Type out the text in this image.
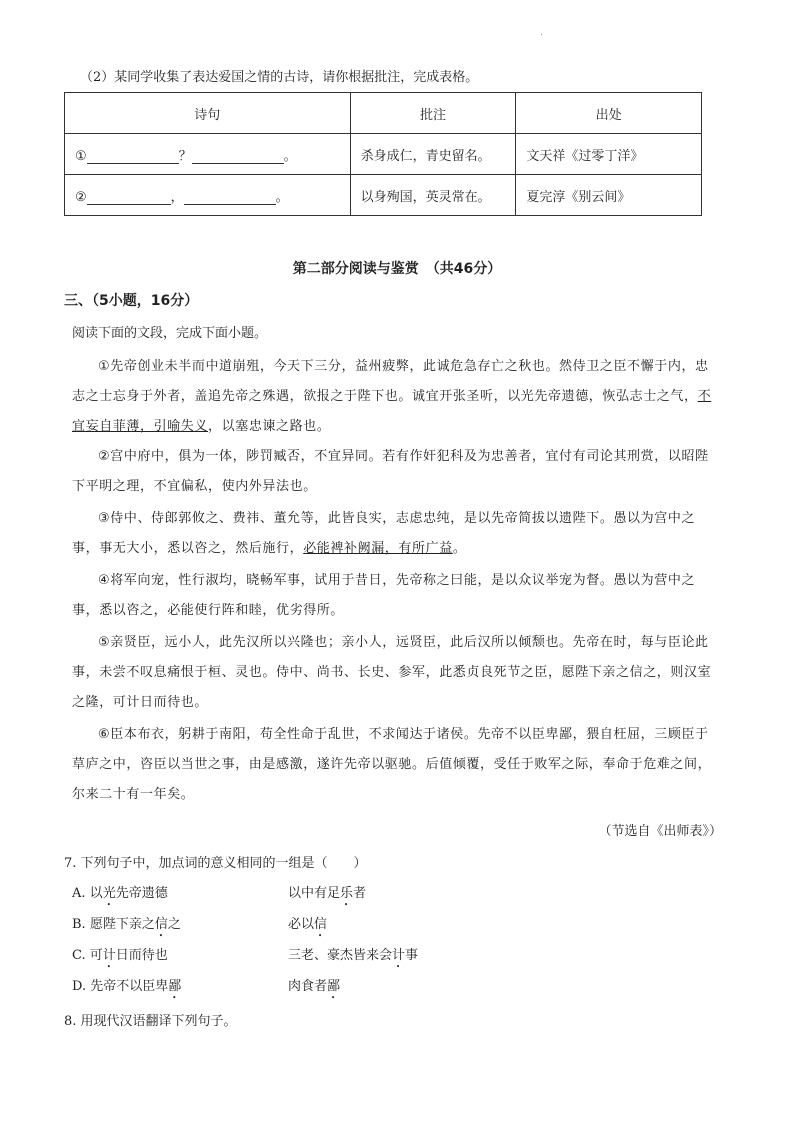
·
（2）某同学收集了表达爱国之情的古诗，请你根据批注，完成表格。
诗句	批注	出处
① ？ 。	杀身成仁，青史留名。	文天祥《过零丁洋》
② ， 。	以身殉国，英灵常在。	夏完淳《别云间》
第二部分阅读与鉴赏　（共46分）
三、（5小题，16分）
阅读下面的文段，完成下面小题。
①先帝创业未半而中道崩殂，今天下三分，益州疲弊，此诚危急存亡之秋也。然侍卫之臣不懈于内，忠志之士忘身于外者，盖追先帝之殊遇，欲报之于陛下也。诚宜开张圣听，以光先帝遗德，恢弘志士之气，不宜妄自菲薄，引喻失义，以塞忠谏之路也。
②宫中府中，俱为一体，陟罚臧否，不宜异同。若有作奸犯科及为忠善者，宜付有司论其刑赏，以昭陛下平明之理，不宜偏私，使内外异法也。
③侍中、侍郎郭攸之、费祎、董允等，此皆良实，志虑忠纯，是以先帝简拔以遗陛下。愚以为宫中之事，事无大小，悉以咨之，然后施行，必能裨补阙漏，有所广益。
④将军向宠，性行淑均，晓畅军事，试用于昔日，先帝称之曰能，是以众议举宠为督。愚以为营中之事，悉以咨之，必能使行阵和睦，优劣得所。
⑤亲贤臣，远小人，此先汉所以兴隆也；亲小人，远贤臣，此后汉所以倾颓也。先帝在时，每与臣论此事，未尝不叹息痛恨于桓、灵也。侍中、尚书、长史、参军，此悉贞良死节之臣，愿陛下亲之信之，则汉室之隆，可计日而待也。
⑥臣本布衣，躬耕于南阳，苟全性命于乱世，不求闻达于诸侯。先帝不以臣卑鄙，猥自枉屈，三顾臣于草庐之中，咨臣以当世之事，由是感激，遂许先帝以驱驰。后值倾覆，受任于败军之际，奉命于危难之间，尔来二十有一年矣。
（节选自《出师表》）
7. 下列句子中，加点词的意义相同的一组是（　　）
A. 以光先帝遗德	以中有足乐者
B. 愿陛下亲之信之	必以信
C. 可计日而待也	三老、豪杰皆来会计事
D. 先帝不以臣卑鄙	肉食者鄙
8. 用现代汉语翻译下列句子。
